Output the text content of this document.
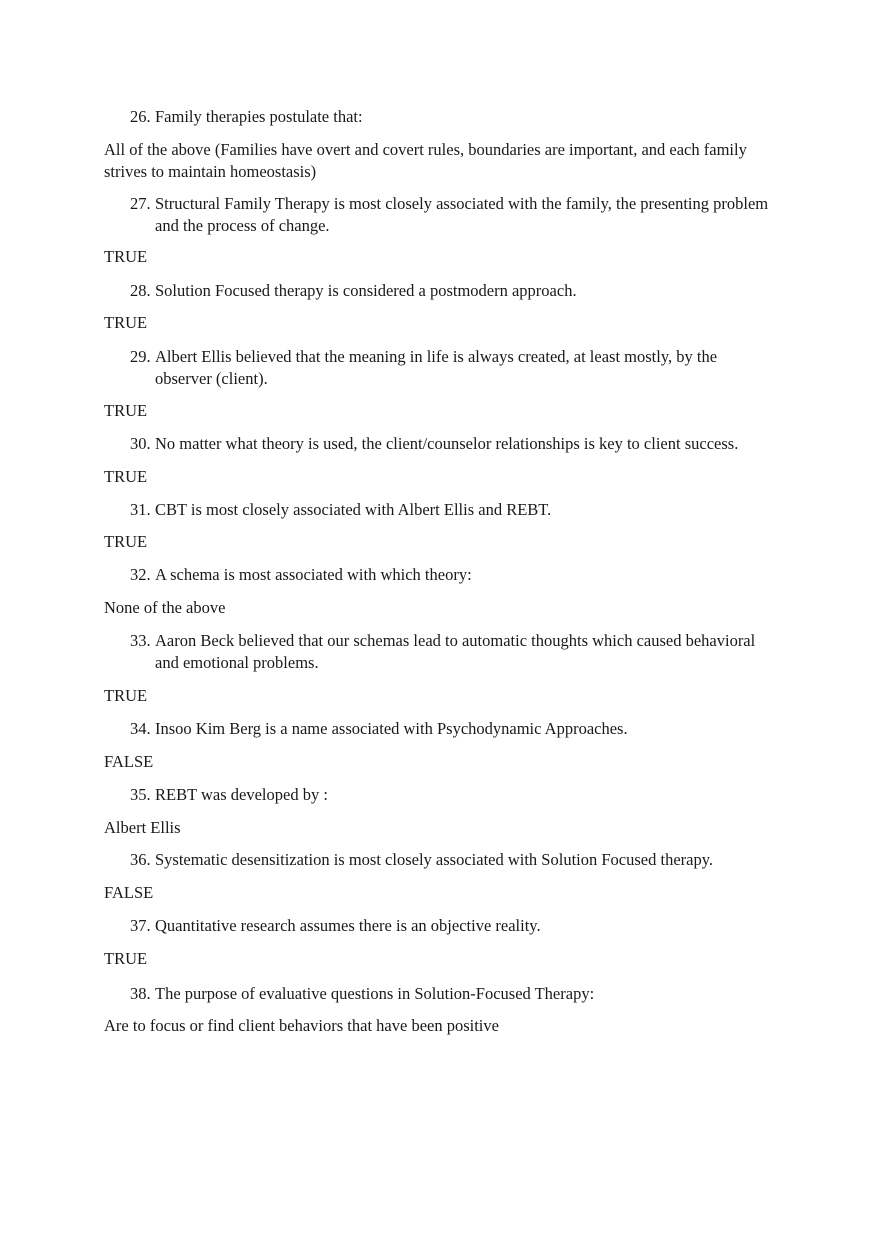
26. Family therapies postulate that:
All of the above (Families have overt and covert rules, boundaries are important, and each family strives to maintain homeostasis)
27. Structural Family Therapy is most closely associated with the family, the presenting problem and the process of change.
TRUE
28. Solution Focused therapy is considered a postmodern approach.
TRUE
29. Albert Ellis believed that the meaning in life is always created, at least mostly, by the observer (client).
TRUE
30. No matter what theory is used, the client/counselor relationships is key to client success.
TRUE
31. CBT is most closely associated with Albert Ellis and REBT.
TRUE
32. A schema is most associated with which theory:
None of the above
33. Aaron Beck believed that our schemas lead to automatic thoughts which caused behavioral and emotional problems.
TRUE
34. Insoo Kim Berg is a name associated with Psychodynamic Approaches.
FALSE
35. REBT was developed by :
Albert Ellis
36. Systematic desensitization is most closely associated with Solution Focused therapy.
FALSE
37. Quantitative research assumes there is an objective reality.
TRUE
38. The purpose of evaluative questions in Solution-Focused Therapy:
Are to focus or find client behaviors that have been positive
